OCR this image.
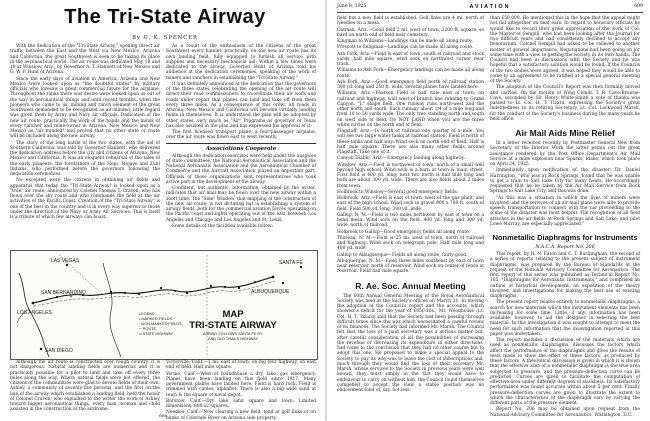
The Tri-State Airway
By G. K. SPENCER

With the dedication of the "Tri-State Airway," opening direct air traffic between the East and the West via New Mexico, Arizona and California, the great Southwest is seen to be taking its place in the aeronautical world. The air route was dedicated May 18 and 19 at Winslow, Ariz., by Governor A. T. Hannett of New Mexico and G. W. P. Hunt of Arizona.

Since the early days of aviation in America, Arizona and New Mexico were looked upon as "the doubtful states" by military officials who foresaw a great commercial future for the airplane. Throughout the ranks there was desire were looked upon as out of the way in aeronautical things and until recent months, when the pioneers who came to us, mining and ranch element of the great Southwest demanded to be recognized as air-minded, little regard was given them by Army and Navy air officials. Dedication of the new air route, practically the work of the hands and the minds of every rancher and mine-owner in Arizona, New Mexico and New Mexico as "air minded" and proved that no other state or route will be included along the new airway.

The story of the long battle of the two states, with the aid of Southern California, was told by Governor Hannett, who delivered the dedication address before the city and citizens of Arizona, New Mexico and California. It was an eloquent rehearsal of the tales of the early pioneers, the forefathers of the Hopi, Mojave and Zuni Indians, who performed before the governors following the dedication ceremonies.

No excepted were the citizens in obtaining air fields and apparatus that today the "Tri-State Airway" is looked upon as a "true" air route, announced by Colonel Thomas T. Craven, who has flown over the sky route and who commands the field at the air activities of the Pacific Coast. Creation of the "Tri-State Airway" is one of the best in the country and is in every way superior to those under the direction of the Navy or Army Air Services. This is itself is a tribute of which few airways can boast.

As a result of the enthusiasm of the citizens of the great Southwest every hamlet, practically, on the new air route has its own landing field, fully equipped to furnish all service with supplies and necessary mechanical aid. Within a few times were dedicated to the airway, Governor Hunt of Arizona told his audience at the dedication ceremonies, speaking of the work of miners and ranchers in establishing the "Tri-State Airway."

It was definitely announced at the dedication that the governors of the three states celebrating the opening of the air route will direct their road commissioners to co-ordinate their air work and roads under repair that planes can land and take off from them every three miles. As a consequence of this order, all roads in Arizona, New Mexico and California will become virtually landing fields in themselves. It is understood the plan will be adopted by other states, very much as "Air" Programs as governor of Texas has also assisted in the plan and has expressed his approval of it.

The first licensed transport plane, a four-passenger airplane, over the air route was flown east to west recently.

Associations Cooperate

Although the dedication exercises were held under the auspices of state committees, the National Aeronautical Association and the National Aeronautic Association and the Aeronautical Chamber of Commerce and the Aircraft Association played an important part. Officials of those organizations sent representatives who took active part in the development of the airway.

Confident, but authentic, information, obtained by the writer, indicates that air mail may be flown over the new airway within a short time. The "Side" Window, that mapping of the construction of the new air route, is not dictating but is establishing a system of airway fields, both for the commercial aviation forces operating on the Pacific coast and lights operating out of the east between Los Angeles and Chicago and Los Angeles and St. Louis.

Some details of the facilities available follow:

LAS VEGAS
LOS ANGELES
SAN DIEGO
SANTA FE
ALBUQUERQUE
SAN BERNARDINO
LEGEND
• MARKED FIELDS
◦ NON-MARKED FIELDS
─ ROUTE
═ STATE HIGHWAY
MAP
TRI-STATE AIRWAY
AIRWAY FOLLOWS SANTA FE RY.
AND OLD TRAILS HIGHWAY

Although the air route is constructed over rough country, it is not dangerous. Natural landing fields are numerous and it is practically possible for a pilot to land and take off every three miles along the way. Where natural fields were not offered, the citizens of the communities were glad to devote fields of their own. Ashley, a community of seventy-five persons, and the first on the line of the airway which established a landing field, held the honor of Colonel Craven, who explained to the writer the work of Ashley toward bigger aeronautical things, every man, woman and child assisted in the construction of the airdrome.

Victorville, Calif.—1 mi. east of town, on big four highway, on east end of field. Half mile square.

Yermo, Calif.—West of roundhouse a dry, lake, gas emergency. Planes have been landing on this field since 1917. Many government planes have landed here. Field is hard rock. Field is trimmed with cables, alphabet. There is also a big wide sand at town & the square of naval depot.

Barstow, Calif.—Dry lake sand square and town. Limited dimensions, 800 x2 squares.

Needles, Calif.—Now clearing a new field, tend at golf links or on banks of Colorado River on Arizona side property.

608
June 8, 1925	AVIATION	609

field but a new field is established. Golf links are 4 mi. north of Needles on a mesa.

Oatman, Ariz.—Good field 2 mi. west of town, 2200 ft. square, so hard on north end of field near cemetery.

Kingman to Williams—Landings can be made all along route.

Prescott to Seligman—Landings can be made all along route.

Ash Fork, Ariz.—Field is east of town, south of railroad and stock yards, half mile square, wind sock on northwest corner near track.

Williams to Ash Fork—Emergency landings can be made all along route.

Ash Fork, Ariz.—Good emergency field north of railroad station 500 yd. long and 250 ft. wide. Several planes have landed here.

Williams, Ariz.—Fearson Field is half mile east of town, on railroad and highway, wall west of branch line running to Grand Canyon, "L" shape field. One runway runs north-west and the other north and south. Each runway about 1/4 of a mile long and from 10 to 50 yards wide. The only tree standing north and south on west side of field. Do NOT LAND when you are the three white circles on the north end of field.

Flagstaff, Ariz.—Is north of railroad one quarter of a mile. You will see two large water tanks at railroad station, Field is north of these tanks and half way. Wind sock on north end of field. Half is half mile square. There are also many other fields around Flagstaff. Take one of it.

Canyon Diablo, Ariz.—Emergency landing along highway.

Winslow, Ariz.—Field is northwest of town, north of a small well beyond high school. Wind sock is a barn at town & main street. First field is 400 yd. long; next two north is half mile long and both are about 300 yd. wide. There are also fields about 2 miles from town.

Holbrook to Winslow—Several good emergency fields.

Holbrook, Ariz.—Field is east of town, west of the gas plant, and east of the high school. Wind sock in gravel 900 x 700 ft. south of field. Field 500 yd. long, 300 yd. wide.

Gallup, N. M.—Field is two miles northwest by east of town on a bend mesa. Wind sock on the field. 400 yd. long and 300 yd. wide, north of railroad.

Holbrook to Gallup—Good emergency fields all along route.

Thoreau, N. M.—Field is 25 mi. west of town, north of railroad and highway. Wind sock on telegraph pole. Half mile long and 400 yd. wide.

Gallup to Albuquerque—Fields all along route, fairly good.

Albuquerque, N. M.—Field three miles southeast by east of town near reservoir, north of reservoir. Wind sock on center of fence at reservoir. Field half mile square.

R. Ae. Soc. Annual Meeting

The 60th Annual General Meeting of the Royal Aeronautical Society was held at the Society's offices on March 31. In moving the adoption of the Council's report and the accounts, which showed a deficit for the year of £950.16s., Mr. Woodhouse (Lt. Col. H. T. Tizard) said that the Society had been passing through difficult times since the war which necessitated a careful review of its finances. The Society had informed Mr. Marsh. The Council felt that the loss of a paid secretary was a serious matter but, after careful consideration of all the possibilities of increasing the revenue or decreasing its expenditure in either directions, had come to the conclusion that they had no other course but to adopt this one. He proposed to make a special appeal to the Society to pay its way was to leave the cost of subscriptions and, much through they would find the loss of their secretary Mr. Marsh, whose services to the Society in previous years were well known, they must simply in the fact they would have to endeavour to carry on without him, the Council found themselves compelled to accept the view a stable position was no endowment fund of, say, not less

than £50,000. He mentioned this in the hope that the appeal might not fall altogether on deaf ears. In regard to honorary officials he would like to record their great appreciation of the work of Col. the Master of Sempill, who had been looking after the Journal for two difficult years and had consistently declined to accept any honorarium. Colonel Sempill had asked to be relieved to another matter of general importance. Negotiations had been going on for some time with a view to getting the Society in its own hands. The Council had been in discussions with the Society and he was hopeful that a satisfactory solution would be found. If the Councils of the two bodies were agreed, it was hoped they would be able to come to an agreement to be ratified at a special general meeting of the Society.

The adoption of the Council's Report was then formally moved and carried. On the motion of Wing Comdr. T. R. Cave-Browne-Cave, seconded by Sir Henry White-Smith a vote of thanks was passed to Lt. Col. H. T. Tizard, expressing the Society's great indebtedness to its retiring Secretary, Lt. Col. Lockwood Marsh, for the conduct of the Society's business during the many years he held office.

Air Mail Aids Mine Relief

In a letter received recently by Postmaster General New from Secretary of the Interior Work the latter points out the great assistance rendered by the Post Office Department's Air Mail Service at a mine explosion near Sparks, Idaho, which took place on April 24, 1925.

Immediately upon notification of the disaster, Dr. Daniel Harrington, "who was at Rock Springs, found that he was unable to get a train to Salt Lake City for many hours. He accordingly requested that he be taken by the Air Mail Service from Rock Springs to Salt Lake City, and this was done.

"As this was a situation in which the lives of miners were involved, and the services of an air mail plane were able to provide speedy transportation to connect with the car proceeding to the scene of the disaster was most helpful. The recognition of all field attaches in the air fields at Rock Springs and Salt Lake, and pilot Lowe Murray, are especially appreciated."

Nonmetallic Diaphragms for Instruments
N.A.C.A. Report No. 206

This report, by H. N. Eaton and C. T. Buckingham, the second of a series of reports relating to the present subject of instrument diaphragms, was prepared by the Bureau of Standards at the request of the National Advisory Committee for Aeronautics. The first report of this series was published as Technical Report No. 165, "Diaphragms for Aeronautic Instruments," and comprised an outline of historical development, an exposition of the theory involved, and investigations for making the best use of existing diaphragms.

The present report relates entirely to nonmetallic diaphragms, a search for new materials which the instrument elements has been increasing for some time. Little, if any, information has been available, however, to aid the designer in selecting the best material. In this investigation it was sought to attempt to meet the need for such information that the investigation reported in this paper was undertaken.

The report includes a discussion of the materials which are used as nonmetallic diaphragms, discusses the factors which affect the performance of the diaphragms and gives the results of tests made to show the effect of these factors, as produced by these factors. A theoretical discussion is given in which it is shown that the effective area of a nonmetallic diaphragm is the true area subjected to pressure, and the pressure-deflection curve can be predicted. Curves are given to facilitate the computation of effective area under different degrees of slackness. Its satisfactory performance was found accurate within about 5 per cent. Finally pressure-deflection curves are given to illustrate the extent to which the characteristics of the diaphragm vary by varying the different parts of the pressure element.

Report No. 206 may be obtained upon request from the National Advisory Committee for Aeronautics, Washington, D.C.
